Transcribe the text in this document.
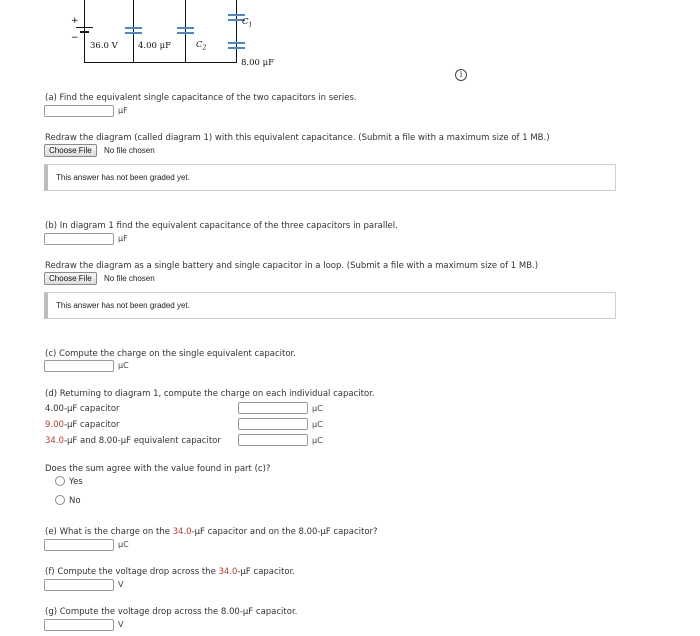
+
−
36.0 V 4.00 μF	$C_2$
$C_1$
8.00 μF
i
(a) Find the equivalent single capacitance of the two capacitors in series.
μF
Redraw the diagram (called diagram 1) with this equivalent capacitance. (Submit a file with a maximum size of 1 MB.)
Choose File	No file chosen
This answer has not been graded yet.
(b) In diagram 1 find the equivalent capacitance of the three capacitors in parallel.
μF
Redraw the diagram as a single battery and single capacitor in a loop. (Submit a file with a maximum size of 1 MB.)
Choose File	No file chosen
This answer has not been graded yet.
(c) Compute the charge on the single equivalent capacitor.
μC
(d) Returning to diagram 1, compute the charge on each individual capacitor.
4.00-μF capacitor	μC
9.00-μF capacitor	μC
34.0-μF and 8.00-μF equivalent capacitor	μC
Does the sum agree with the value found in part (c)?
Yes
No
(e) What is the charge on the 34.0-μF capacitor and on the 8.00-μF capacitor?
μC
(f) Compute the voltage drop across the 34.0-μF capacitor.
V
(g) Compute the voltage drop across the 8.00-μF capacitor.
V
